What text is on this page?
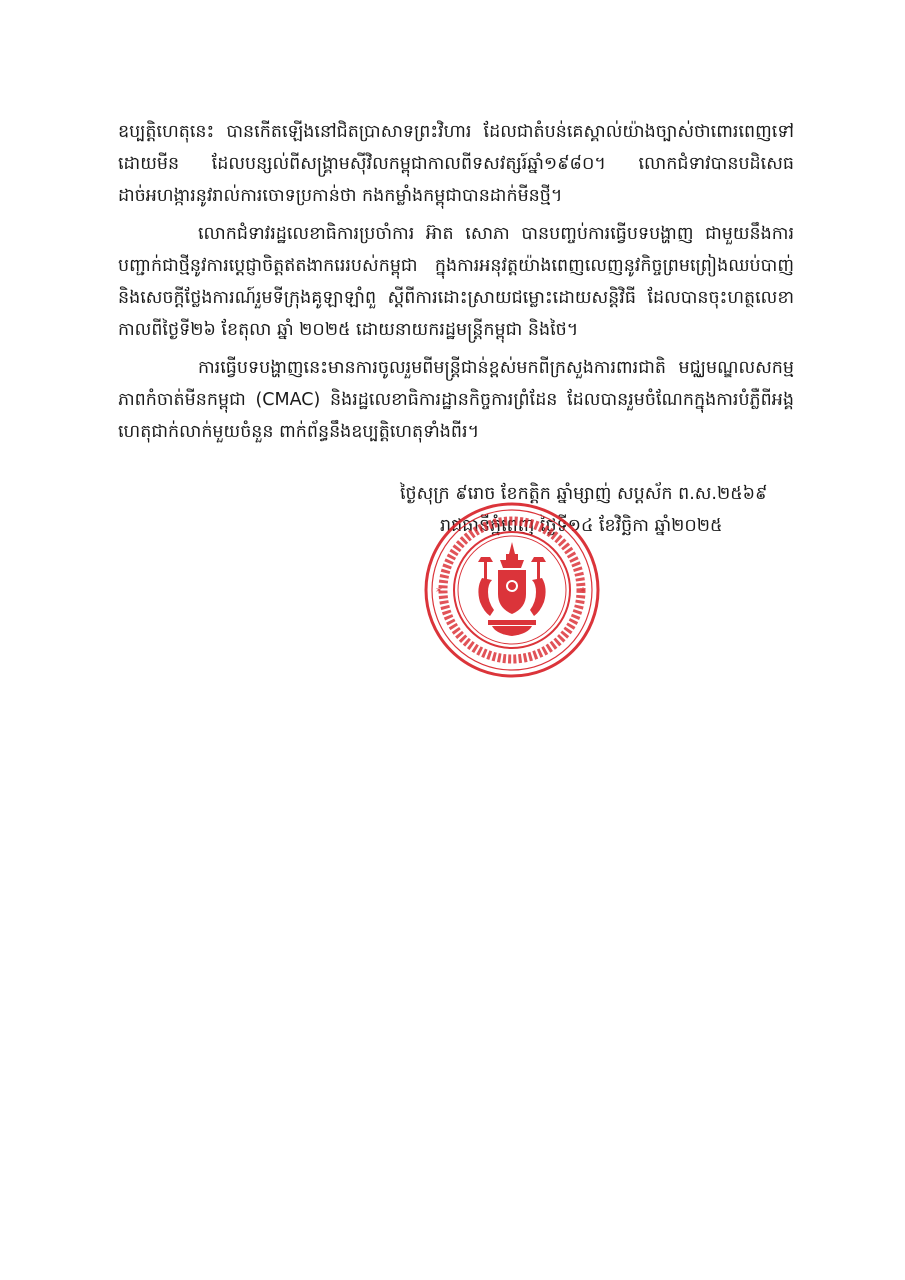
ឧប្បត្តិហេតុនេះ បានកើតឡើងនៅជិតប្រាសាទព្រះវិហារ ដែលជាតំបន់គេស្គាល់យ៉ាងច្បាស់ថាពោរពេញទៅដោយមីន ដែលបន្សល់ពីសង្គ្រាមស៊ីវិលកម្ពុជាកាលពីទសវត្សរ៍ឆ្នាំ១៩៨០។ លោកជំទាវបានបដិសេធដាច់អហង្ការនូវរាល់ការចោទប្រកាន់ថា កងកម្លាំងកម្ពុជាបានដាក់មីនថ្មី។

លោកជំទាវរដ្ឋលេខាធិការប្រចាំការ អ៊ាត សោភា បានបញ្ចប់ការធ្វើបទបង្ហាញ ជាមួយនឹងការបញ្ជាក់ជាថ្មីនូវការប្តេជ្ញាចិត្តឥតងាករេរបស់កម្ពុជា ក្នុងការអនុវត្តយ៉ាងពេញលេញនូវកិច្ចព្រមព្រៀងឈប់បាញ់ និងសេចក្តីថ្លែងការណ៍រួមទីក្រុងគូឡាឡាំពួ ស្តីពីការដោះស្រាយជម្លោះដោយសន្តិវិធី ដែលបានចុះហត្ថលេខាកាលពីថ្ងៃទី២៦ ខែតុលា ឆ្នាំ ២០២៥ ដោយនាយករដ្ឋមន្ត្រីកម្ពុជា និងថៃ។

ការធ្វើបទបង្ហាញនេះមានការចូលរួមពីមន្ត្រីជាន់ខ្ពស់មកពីក្រសួងការពារជាតិ មជ្ឈមណ្ឌលសកម្មភាពកំចាត់មីនកម្ពុជា (CMAC) និងរដ្ឋលេខាធិការដ្ឋានកិច្ចការព្រំដែន ដែលបានរួមចំណែកក្នុងការបំភ្លឺពីអង្គហេតុជាក់លាក់មួយចំនួន ពាក់ព័ន្ធនឹងឧប្បត្តិហេតុទាំងពីរ។

ថ្ងៃសុក្រ ៩រោច ខែកត្តិក ឆ្នាំម្សាញ់ សប្តស័ក ព.ស.២៥៦៩
រាជធានីភ្នំពេញ ថ្ងៃទី១៤ ខែវិច្ឆិកា ឆ្នាំ២០២៥
*	*
